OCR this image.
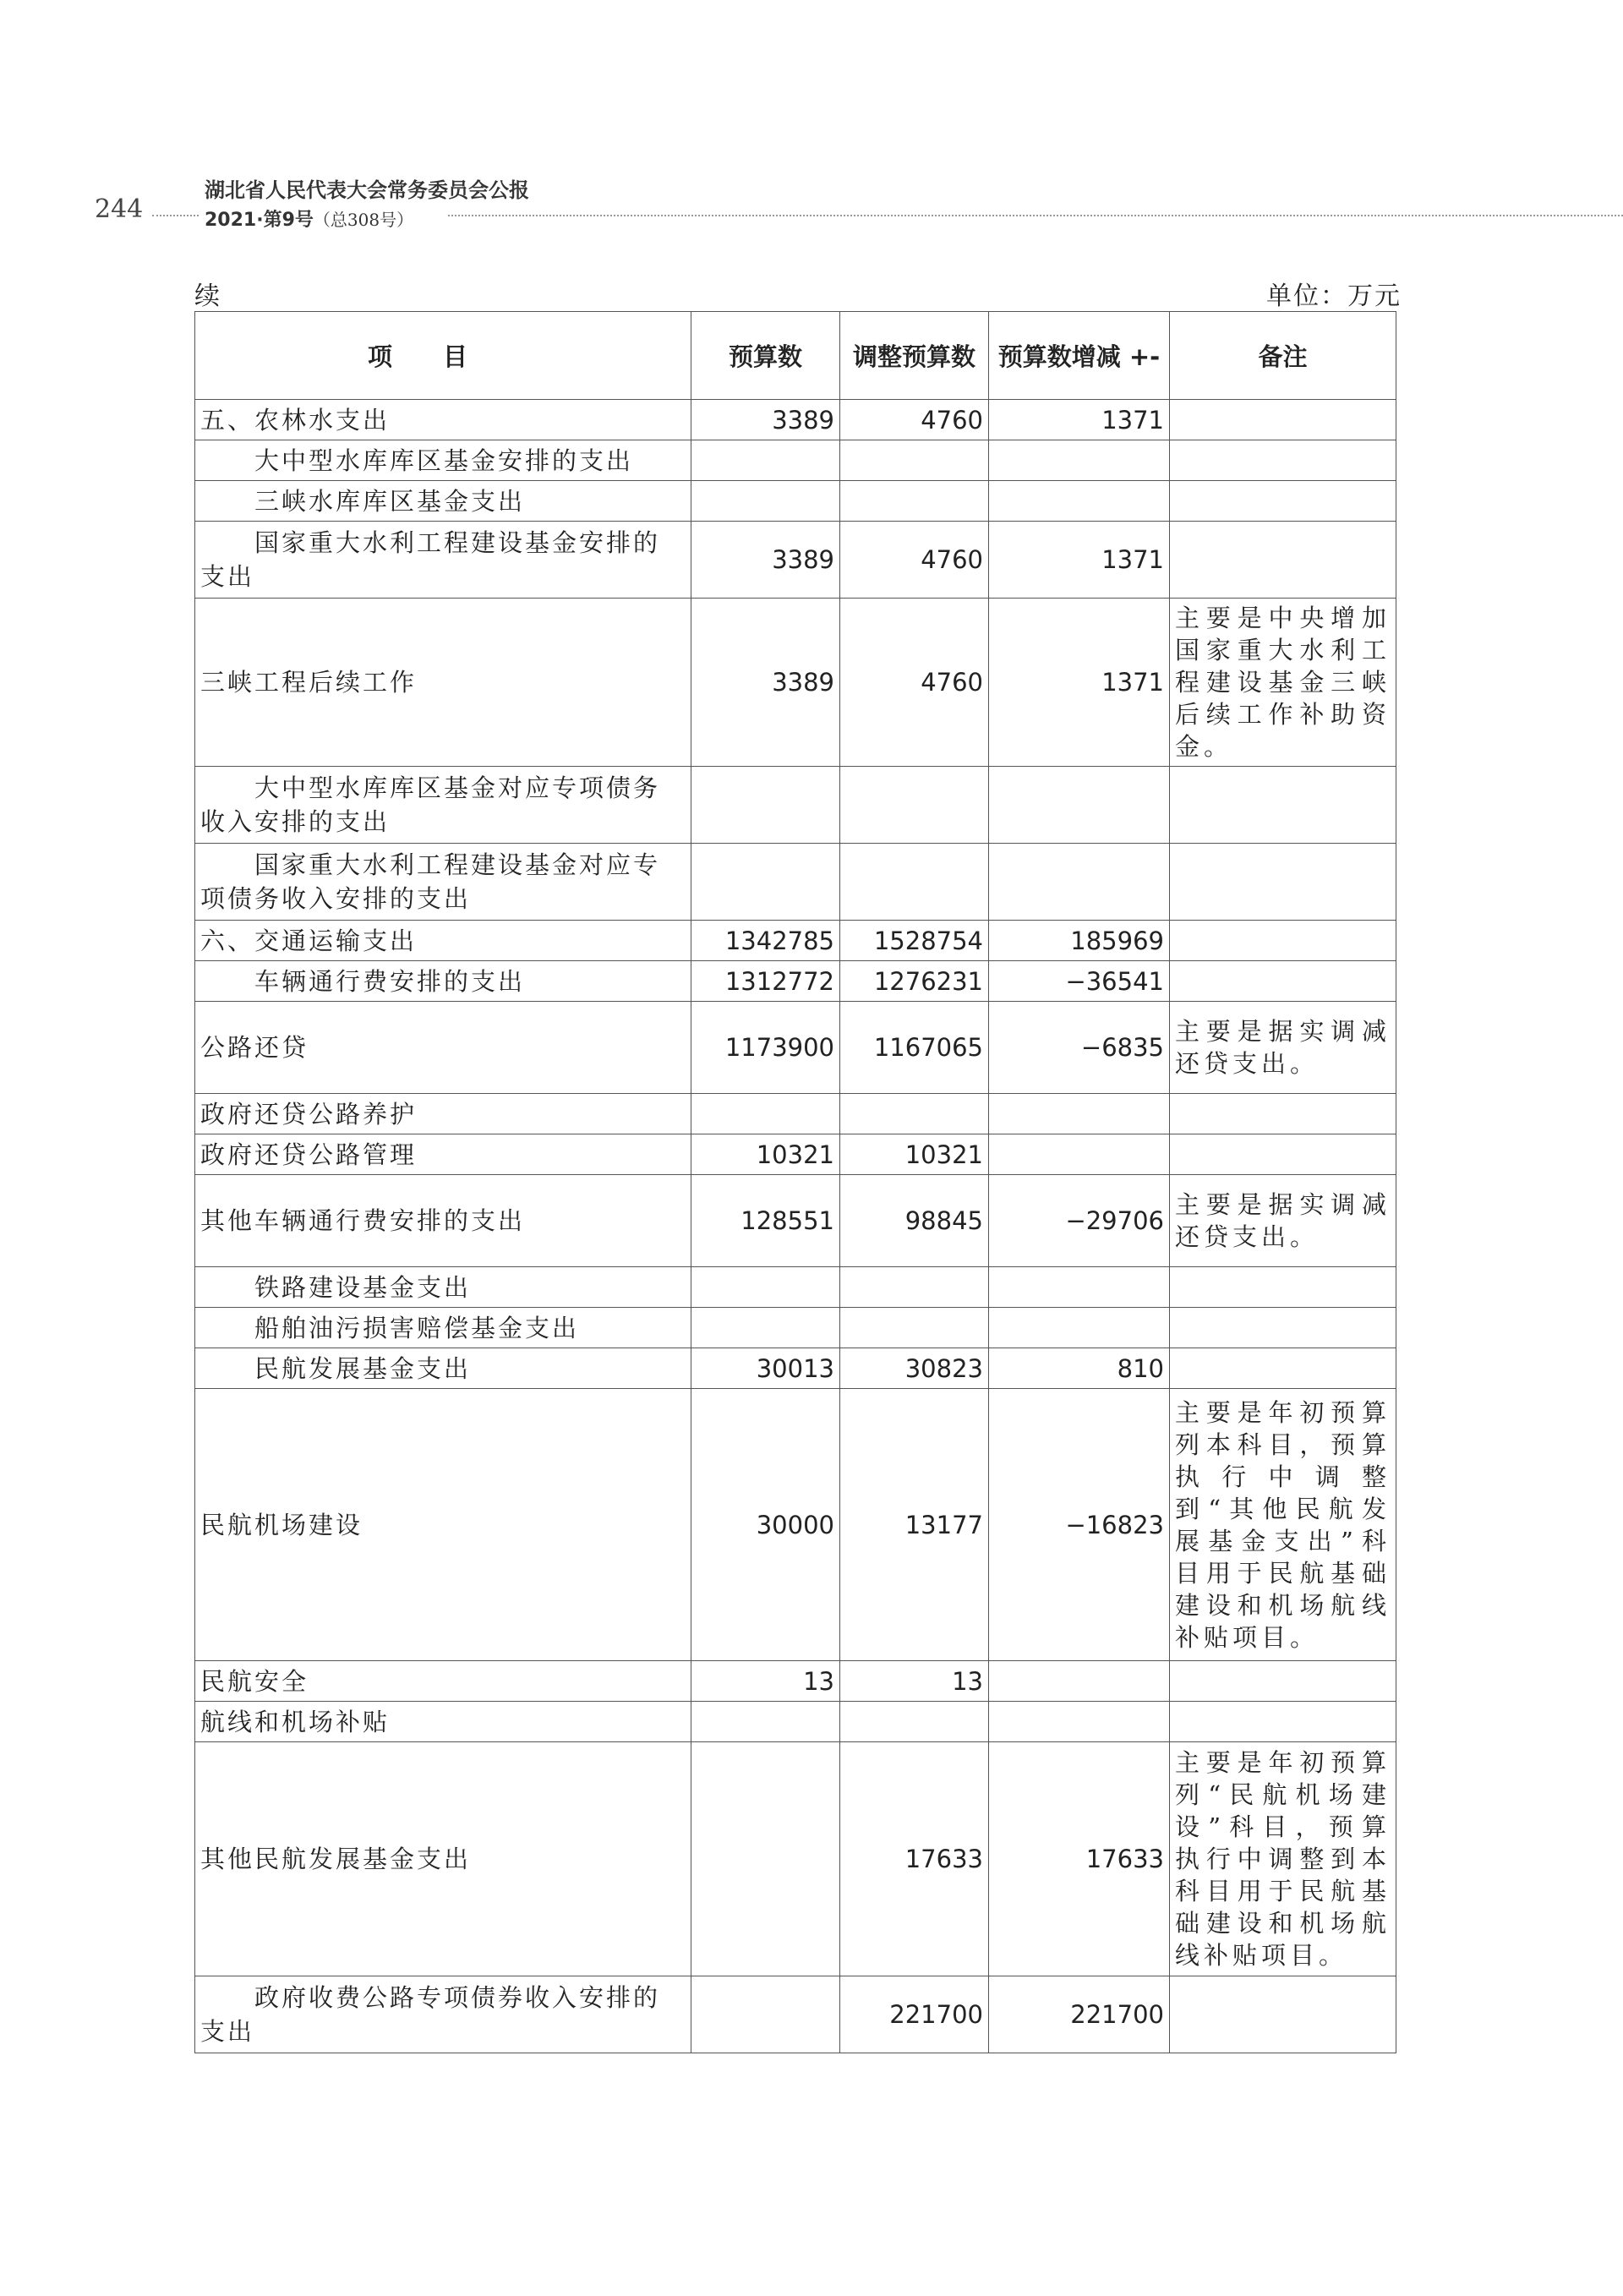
244
湖北省人民代表大会常务委员会公报
2021·第9号（总308号）
续	单位：万元
项目	预算数	调整预算数	预算数增减 +-	备注
五、农林水支出	3389	4760	1371	
大中型水库库区基金安排的支出				
三峡水库库区基金支出				
国家重大水利工程建设基金安排的支出	3389	4760	1371	
三峡工程后续工作	3389	4760	1371	主要是中央增加国家重大水利工程建设基金三峡后续工作补助资金。
大中型水库库区基金对应专项债务收入安排的支出				
国家重大水利工程建设基金对应专项债务收入安排的支出				
六、交通运输支出	1342785	1528754	185969	
车辆通行费安排的支出	1312772	1276231	−36541	
公路还贷	1173900	1167065	−6835	主要是据实调减还贷支出。
政府还贷公路养护				
政府还贷公路管理	10321	10321		
其他车辆通行费安排的支出	128551	98845	−29706	主要是据实调减还贷支出。
铁路建设基金支出				
船舶油污损害赔偿基金支出				
民航发展基金支出	30013	30823	810	
民航机场建设	30000	13177	−16823	主要是年初预算列本科目，预算执行中调整到“其他民航发展基金支出”科目用于民航基础建设和机场航线补贴项目。
民航安全	13	13		
航线和机场补贴				
其他民航发展基金支出		17633	17633	主要是年初预算列“民航机场建设”科目，预算执行中调整到本科目用于民航基础建设和机场航线补贴项目。
政府收费公路专项债券收入安排的支出		221700	221700	
